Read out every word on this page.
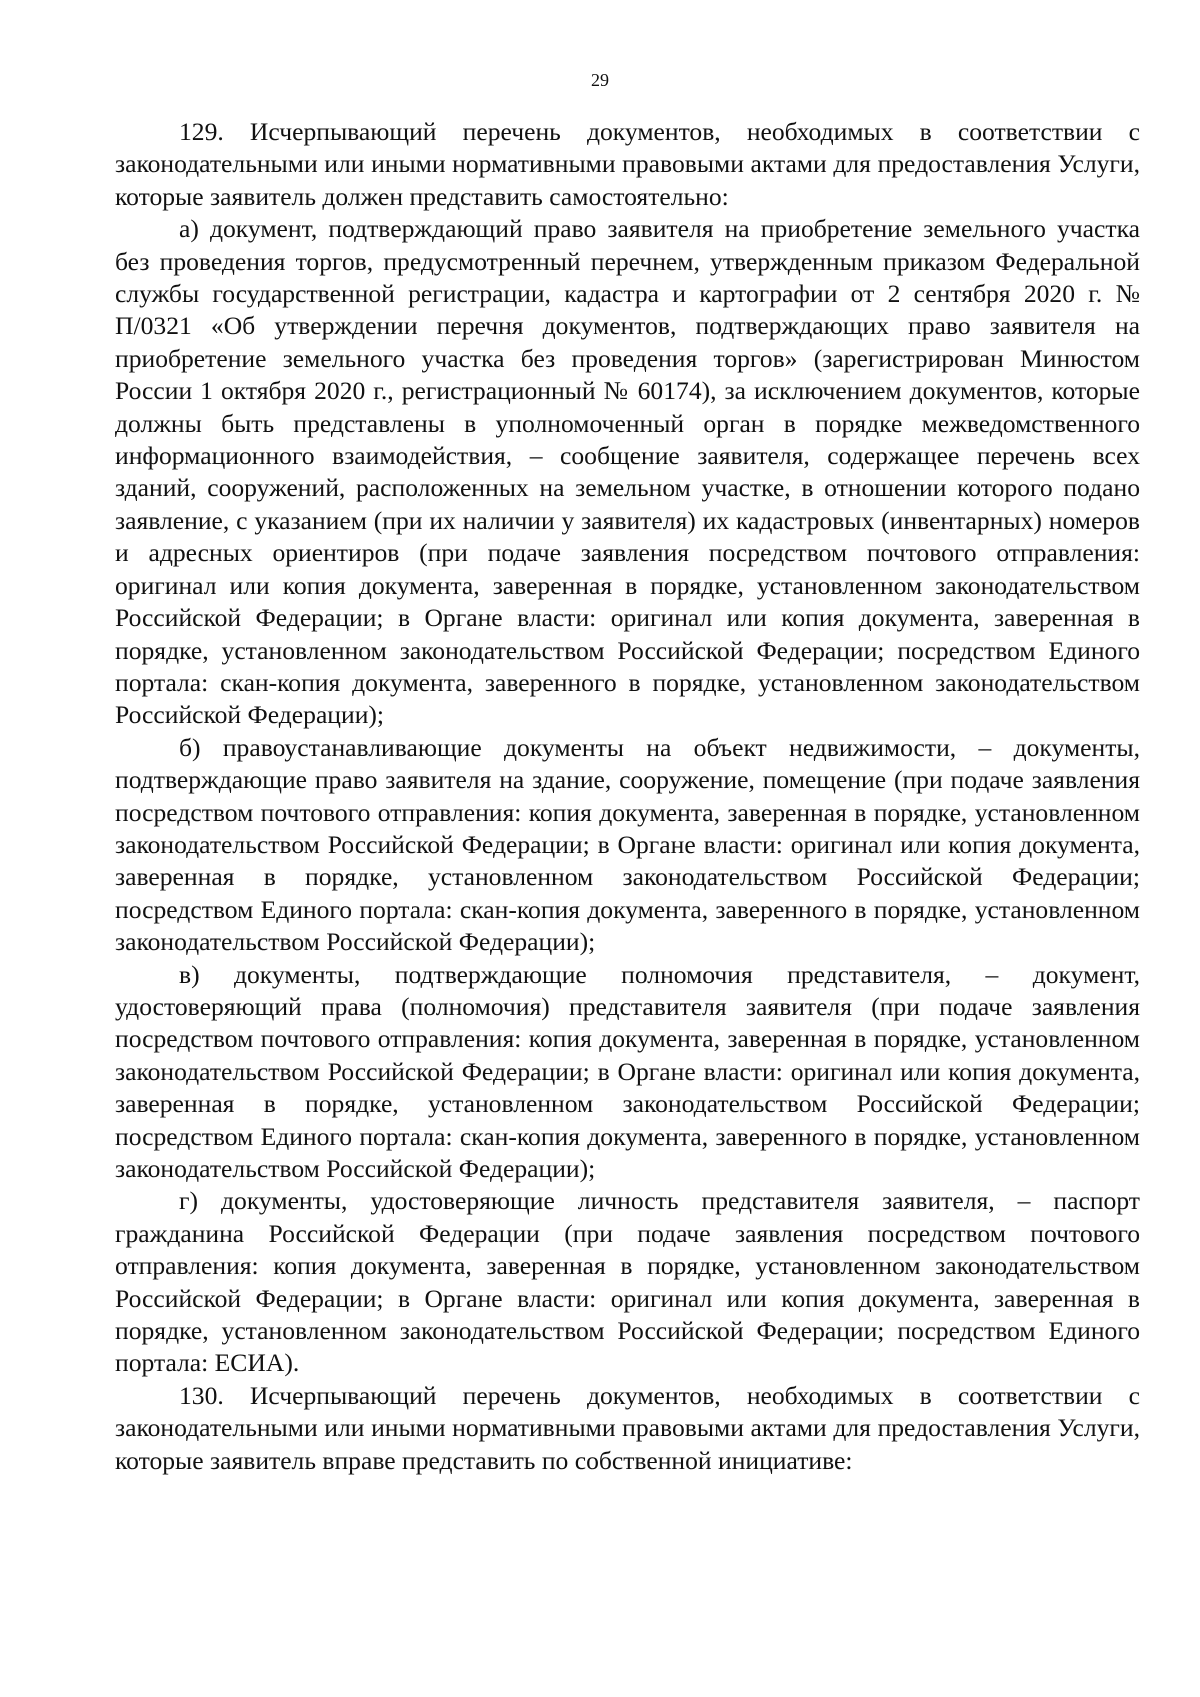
29

129. Исчерпывающий перечень документов, необходимых в соответствии с законодательными или иными нормативными правовыми актами для предоставления Услуги, которые заявитель должен представить самостоятельно:

а) документ, подтверждающий право заявителя на приобретение земельного участка без проведения торгов, предусмотренный перечнем, утвержденным приказом Федеральной службы государственной регистрации, кадастра и картографии от 2 сентября 2020 г. № П/0321 «Об утверждении перечня документов, подтверждающих право заявителя на приобретение земельного участка без проведения торгов» (зарегистрирован Минюстом России 1 октября 2020 г., регистрационный № 60174), за исключением документов, которые должны быть представлены в уполномоченный орган в порядке межведомственного информационного взаимодействия, – сообщение заявителя, содержащее перечень всех зданий, сооружений, расположенных на земельном участке, в отношении которого подано заявление, с указанием (при их наличии у заявителя) их кадастровых (инвентарных) номеров и адресных ориентиров (при подаче заявления посредством почтового отправления: оригинал или копия документа, заверенная в порядке, установленном законодательством Российской Федерации; в Органе власти: оригинал или копия документа, заверенная в порядке, установленном законодательством Российской Федерации; посредством Единого портала: скан-копия документа, заверенного в порядке, установленном законодательством Российской Федерации);

б) правоустанавливающие документы на объект недвижимости, – документы, подтверждающие право заявителя на здание, сооружение, помещение (при подаче заявления посредством почтового отправления: копия документа, заверенная в порядке, установленном законодательством Российской Федерации; в Органе власти: оригинал или копия документа, заверенная в порядке, установленном законодательством Российской Федерации; посредством Единого портала: скан-копия документа, заверенного в порядке, установленном законодательством Российской Федерации);

в) документы, подтверждающие полномочия представителя, – документ, удостоверяющий права (полномочия) представителя заявителя (при подаче заявления посредством почтового отправления: копия документа, заверенная в порядке, установленном законодательством Российской Федерации; в Органе власти: оригинал или копия документа, заверенная в порядке, установленном законодательством Российской Федерации; посредством Единого портала: скан-копия документа, заверенного в порядке, установленном законодательством Российской Федерации);

г) документы, удостоверяющие личность представителя заявителя, – паспорт гражданина Российской Федерации (при подаче заявления посредством почтового отправления: копия документа, заверенная в порядке, установленном законодательством Российской Федерации; в Органе власти: оригинал или копия документа, заверенная в порядке, установленном законодательством Российской Федерации; посредством Единого портала: ЕСИА).

130. Исчерпывающий перечень документов, необходимых в соответствии с законодательными или иными нормативными правовыми актами для предоставления Услуги, которые заявитель вправе представить по собственной инициативе:
